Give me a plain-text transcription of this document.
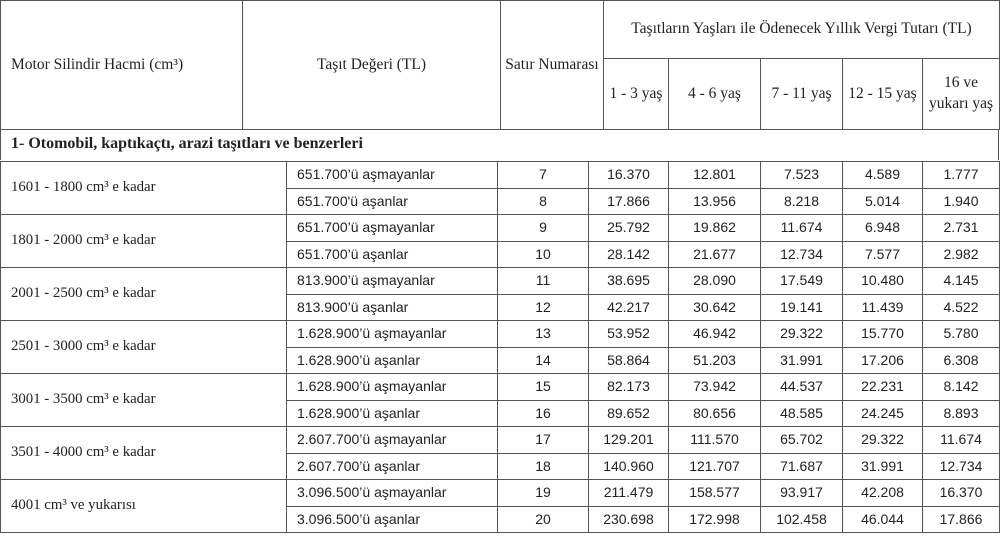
Motor Silindir Hacmi (cm³)	Taşıt Değeri (TL)	Satır Numarası	Taşıtların Yaşları ile Ödenecek Yıllık Vergi Tutarı (TL)				
			1 - 3 yaş	4 - 6 yaş	7 - 11 yaş	12 - 15 yaş	16 ve yukarı yaş
1- Otomobil, kaptıkaçtı, arazi taşıtları ve benzerleri
1601 - 1800 cm³ e kadar	651.700’ü aşmayanlar	7	16.370	12.801	7.523	4.589	1.777
	651.700'ü aşanlar	8	17.866	13.956	8.218	5.014	1.940
1801 - 2000 cm³ e kadar	651.700’ü aşmayanlar	9	25.792	19.862	11.674	6.948	2.731
	651.700’ü aşanlar	10	28.142	21.677	12.734	7.577	2.982
2001 - 2500 cm³ e kadar	813.900’ü aşmayanlar	11	38.695	28.090	17.549	10.480	4.145
	813.900’ü aşanlar	12	42.217	30.642	19.141	11.439	4.522
2501 - 3000 cm³ e kadar	1.628.900’ü aşmayanlar	13	53.952	46.942	29.322	15.770	5.780
	1.628.900’ü aşanlar	14	58.864	51.203	31.991	17.206	6.308
3001 - 3500 cm³ e kadar	1.628.900’ü aşmayanlar	15	82.173	73.942	44.537	22.231	8.142
	1.628.900’ü aşanlar	16	89.652	80.656	48.585	24.245	8.893
3501 - 4000 cm³ e kadar	2.607.700’ü aşmayanlar	17	129.201	111.570	65.702	29.322	11.674
	2.607.700’ü aşanlar	18	140.960	121.707	71.687	31.991	12.734
4001 cm³ ve yukarısı	3.096.500’ü aşmayanlar	19	211.479	158.577	93.917	42.208	16.370
	3.096.500’ü aşanlar	20	230.698	172.998	102.458	46.044	17.866
